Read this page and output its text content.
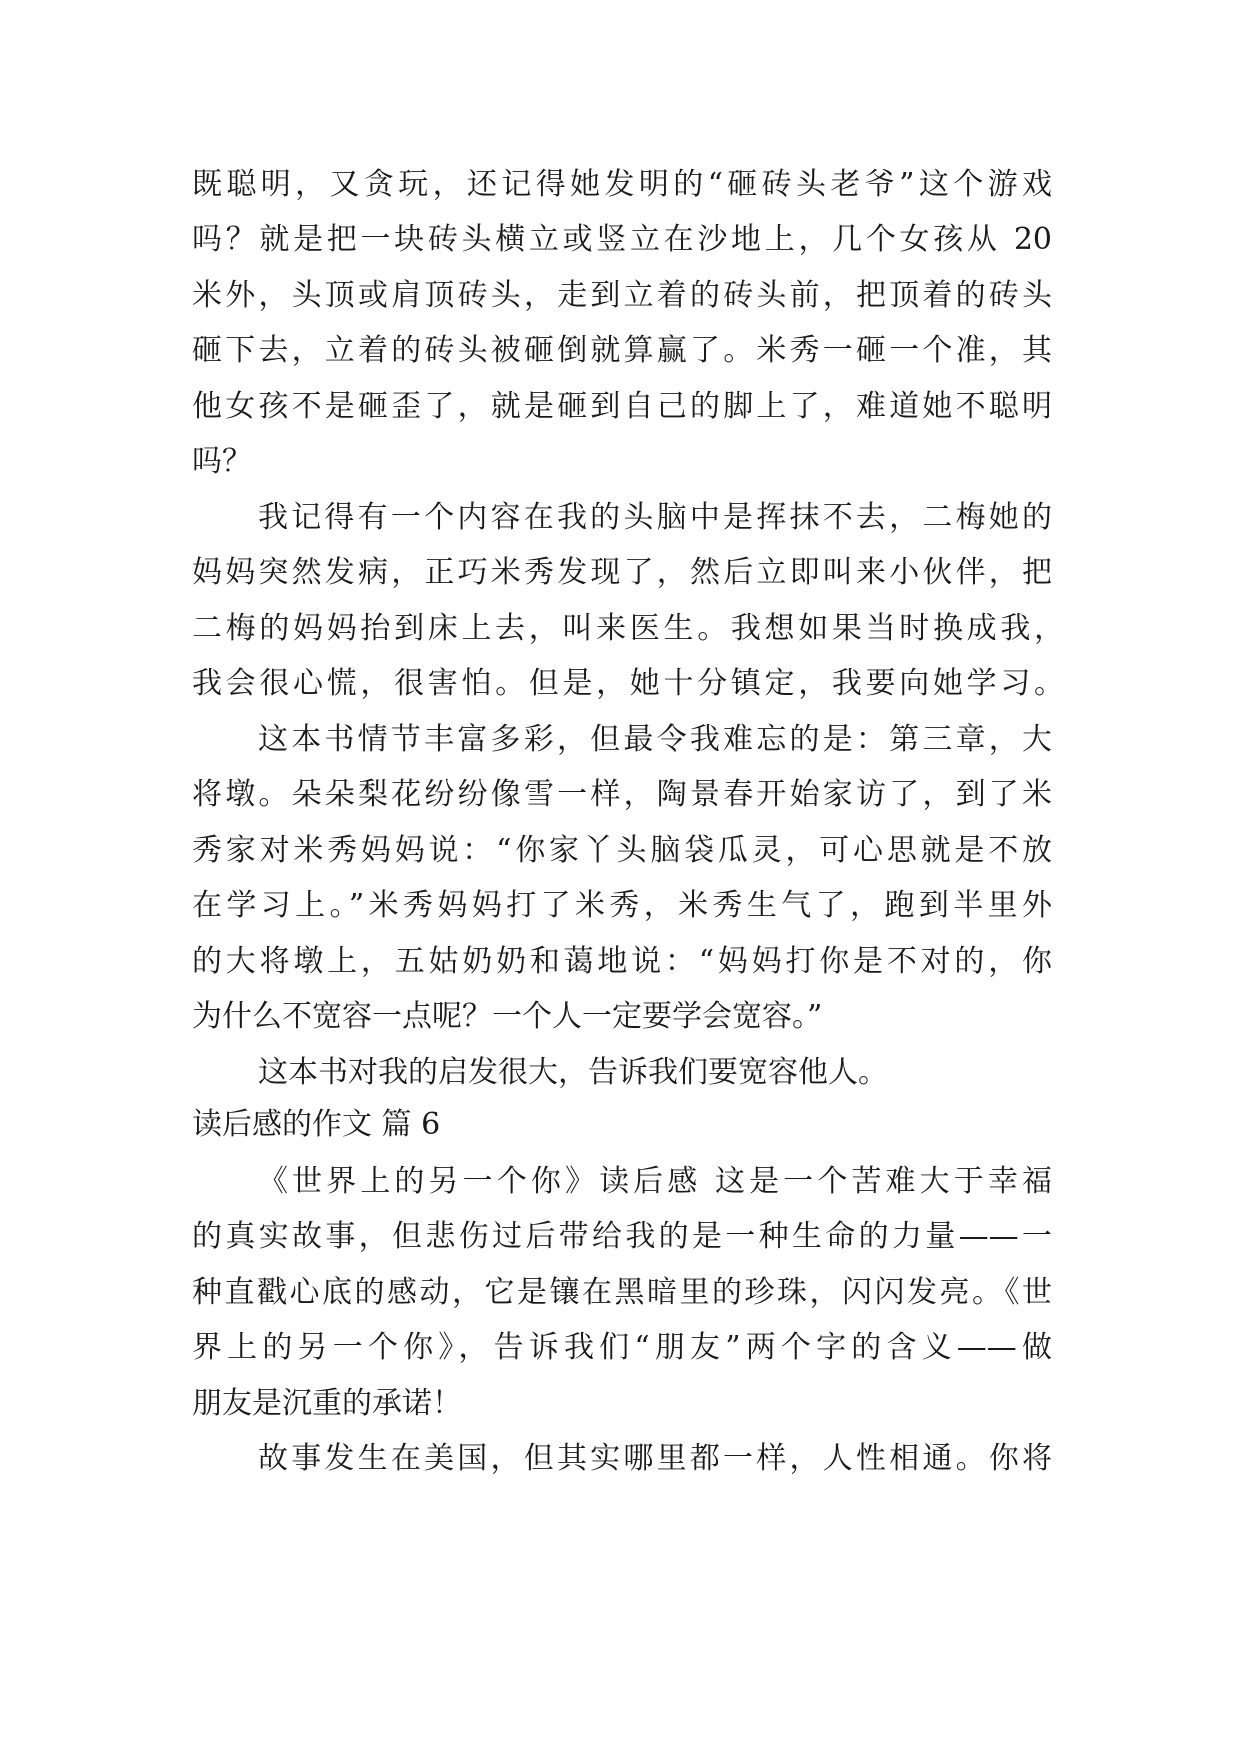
既聪明，又贪玩，还记得她发明的“砸砖头老爷”这个游戏
吗？就是把一块砖头横立或竖立在沙地上，几个女孩从 20
米外，头顶或肩顶砖头，走到立着的砖头前，把顶着的砖头
砸下去，立着的砖头被砸倒就算赢了。米秀一砸一个准，其
他女孩不是砸歪了，就是砸到自己的脚上了，难道她不聪明
吗？
我记得有一个内容在我的头脑中是挥抹不去，二梅她的
妈妈突然发病，正巧米秀发现了，然后立即叫来小伙伴，把
二梅的妈妈抬到床上去，叫来医生。我想如果当时换成我，
我会很心慌，很害怕。但是，她十分镇定，我要向她学习。
这本书情节丰富多彩，但最令我难忘的是：第三章，大
将墩。朵朵梨花纷纷像雪一样，陶景春开始家访了，到了米
秀家对米秀妈妈说：“你家丫头脑袋瓜灵，可心思就是不放
在学习上。”米秀妈妈打了米秀，米秀生气了，跑到半里外
的大将墩上，五姑奶奶和蔼地说：“妈妈打你是不对的，你
为什么不宽容一点呢？一个人一定要学会宽容。”
这本书对我的启发很大，告诉我们要宽容他人。
读后感的作文 篇 6
《世界上的另一个你》读后感 这是一个苦难大于幸福
的真实故事，但悲伤过后带给我的是一种生命的力量——一
种直戳心底的感动，它是镶在黑暗里的珍珠，闪闪发亮。《世
界上的另一个你》，告诉我们“朋友”两个字的含义——做
朋友是沉重的承诺！
故事发生在美国，但其实哪里都一样，人性相通。你将
